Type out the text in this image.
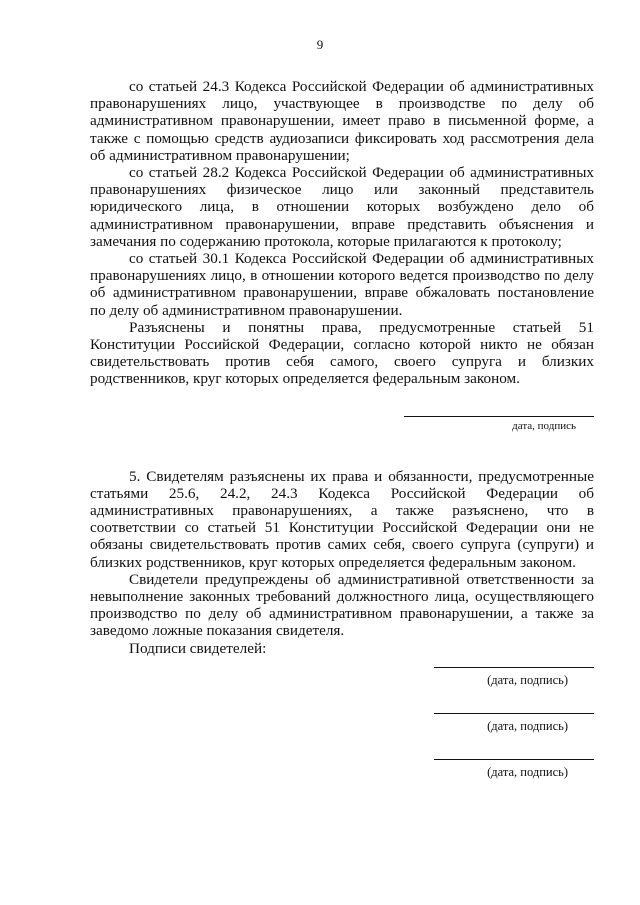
9

со статьей 24.3 Кодекса Российской Федерации об административных правонарушениях лицо, участвующее в производстве по делу об административном правонарушении, имеет право в письменной форме, а также с помощью средств аудиозаписи фиксировать ход рассмотрения дела об административном правонарушении;

со статьей 28.2 Кодекса Российской Федерации об административных правонарушениях физическое лицо или законный представитель юридического лица, в отношении которых возбуждено дело об административном правонарушении, вправе представить объяснения и замечания по содержанию протокола, которые прилагаются к протоколу;

со статьей 30.1 Кодекса Российской Федерации об административных правонарушениях лицо, в отношении которого ведется производство по делу об административном правонарушении, вправе обжаловать постановление по делу об административном правонарушении.

Разъяснены и понятны права, предусмотренные статьей 51 Конституции Российской Федерации, согласно которой никто не обязан свидетельствовать против себя самого, своего супруга и близких родственников, круг которых определяется федеральным законом.

дата, подпись

5. Свидетелям разъяснены их права и обязанности, предусмотренные статьями 25.6, 24.2, 24.3 Кодекса Российской Федерации об административных правонарушениях, а также разъяснено, что в соответствии со статьей 51 Конституции Российской Федерации они не обязаны свидетельствовать против самих себя, своего супруга (супруги) и близких родственников, круг которых определяется федеральным законом.

Свидетели предупреждены об административной ответственности за невыполнение законных требований должностного лица, осуществляющего производство по делу об административном правонарушении, а также за заведомо ложные показания свидетеля.

Подписи свидетелей:

(дата, подпись)
(дата, подпись)
(дата, подпись)
